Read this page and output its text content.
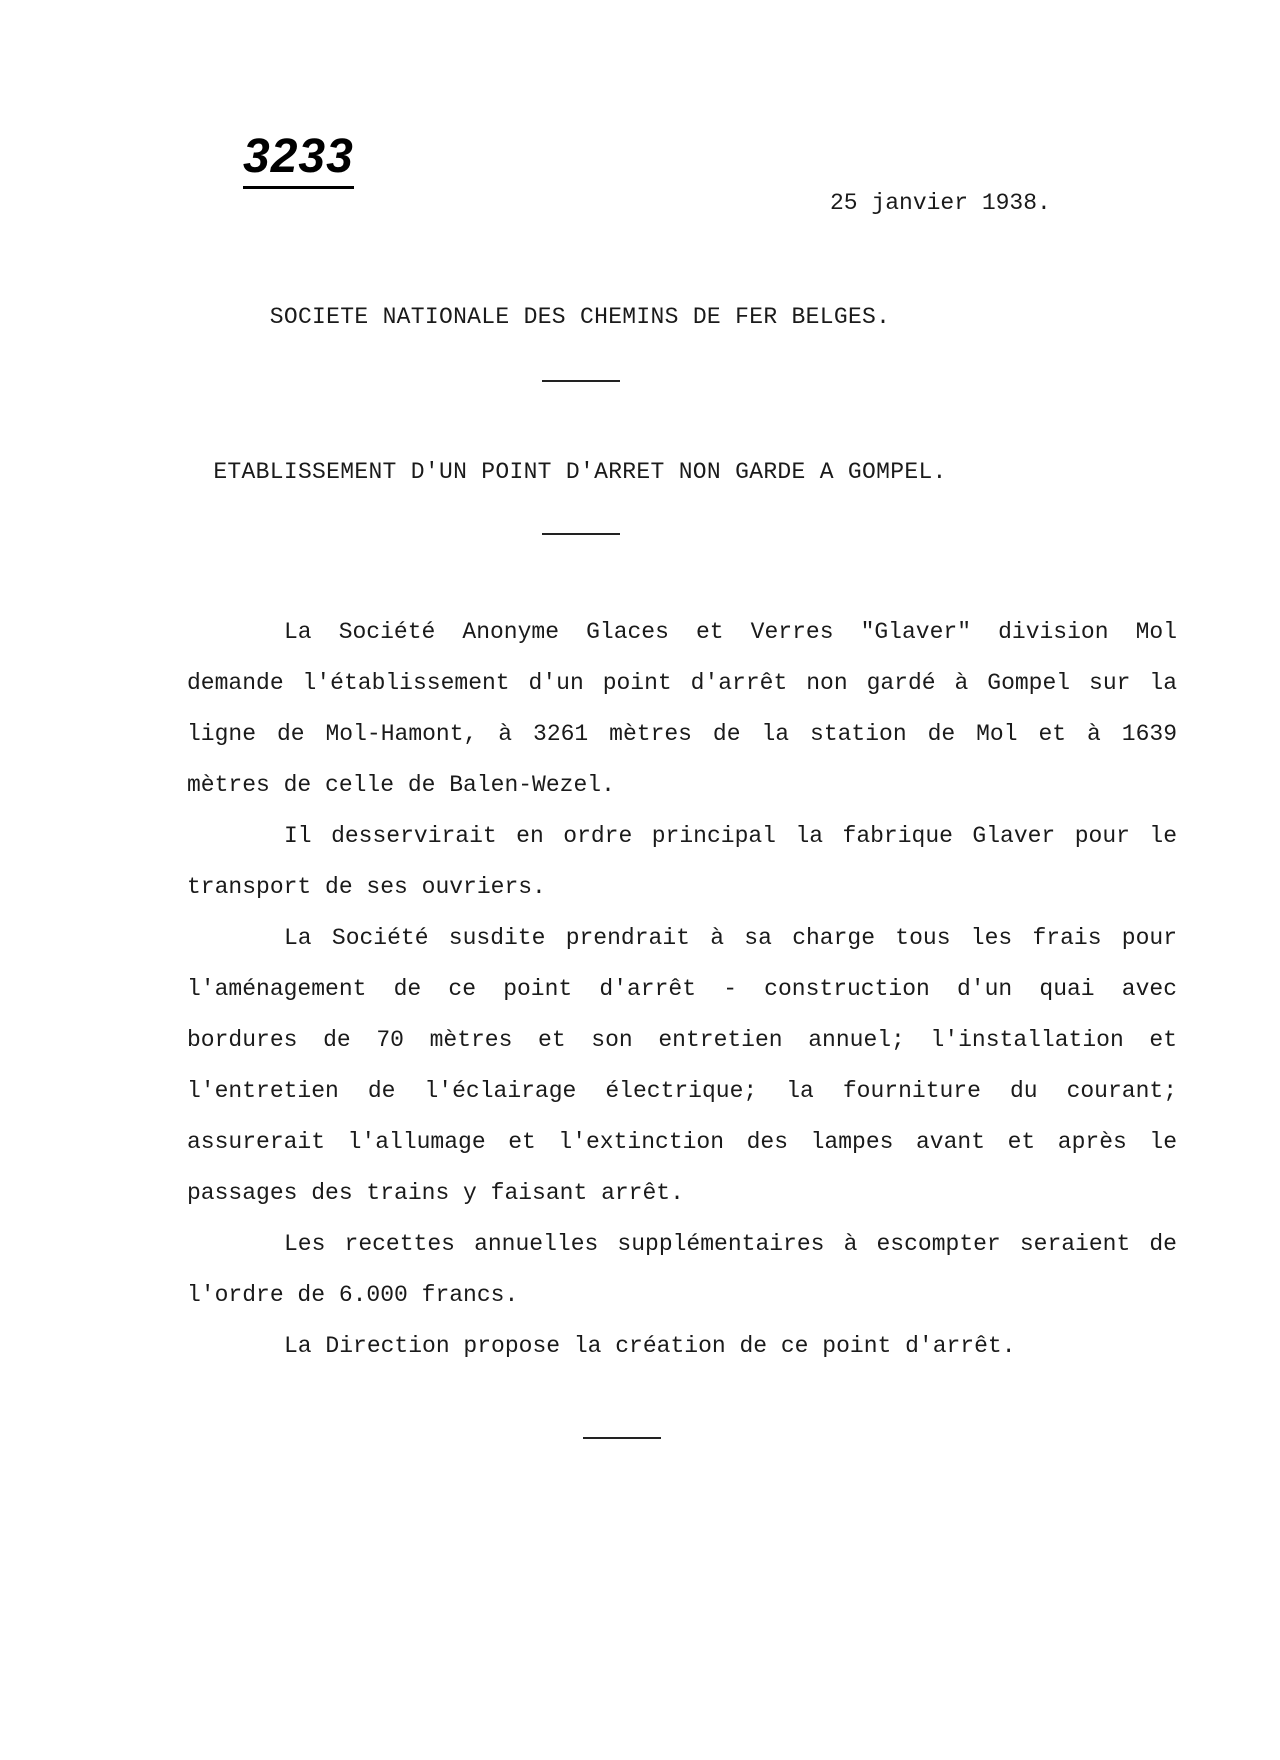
3233
25 janvier 1938.
SOCIETE NATIONALE DES CHEMINS DE FER BELGES.
ETABLISSEMENT D'UN POINT D'ARRET NON GARDE A GOMPEL.

La Société Anonyme Glaces et Verres "Glaver" division Mol demande l'établissement d'un point d'arrêt non gardé à Gompel sur la ligne de Mol-Hamont, à 3261 mètres de la station de Mol et à 1639 mètres de celle de Balen-Wezel.

Il desservirait en ordre principal la fabrique Glaver pour le transport de ses ouvriers.

La Société susdite prendrait à sa charge tous les frais pour l'aménagement de ce point d'arrêt - construction d'un quai avec bordures de 70 mètres et son entretien annuel; l'installation et l'entretien de l'éclairage électrique; la fourniture du courant; assurerait l'allumage et l'extinction des lampes avant et après le passages des trains y faisant arrêt.

Les recettes annuelles supplémentaires à escompter seraient de l'ordre de 6.000 francs.

La Direction propose la création de ce point d'arrêt.
